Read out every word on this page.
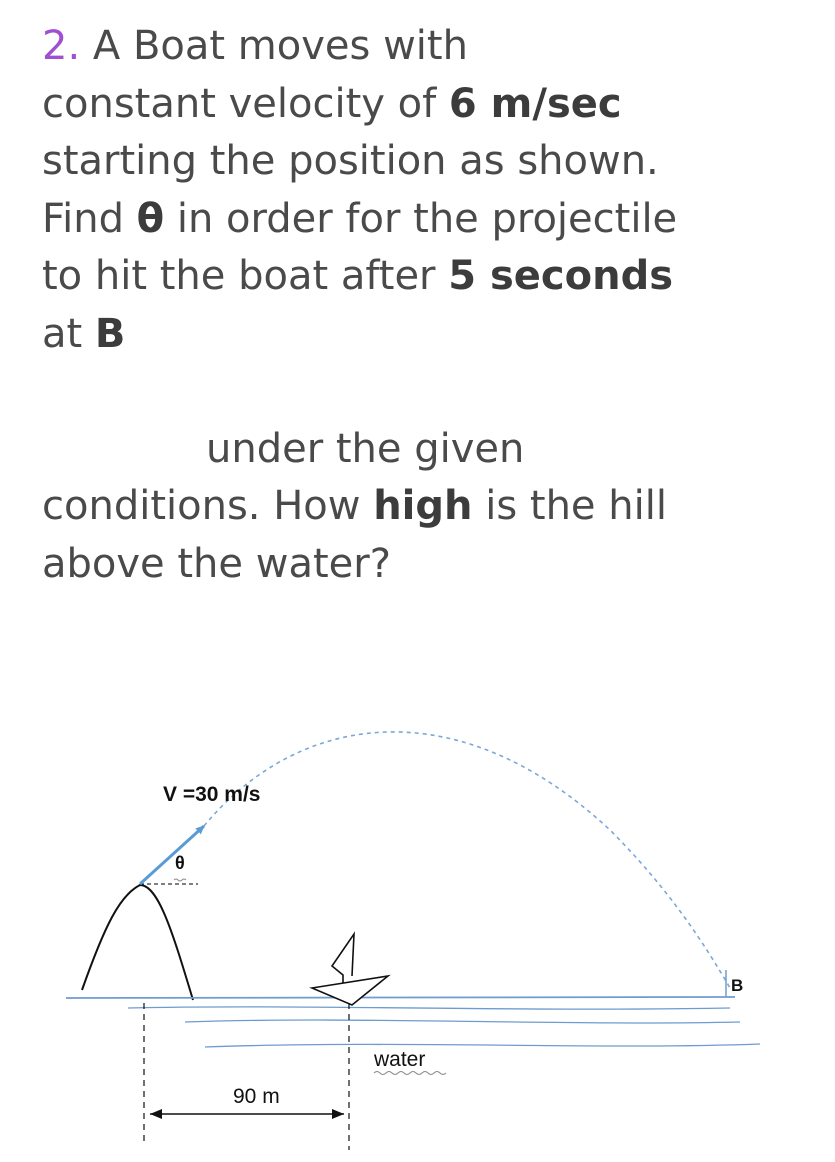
2. A Boat moves with
constant velocity of 6 m/sec
starting the position as shown.
Find θ in order for the projectile
to hit the boat after 5 seconds
at B
under the given
conditions. How high is the hill
above the water?
V =30 m/s
θ
B
water
90 m
